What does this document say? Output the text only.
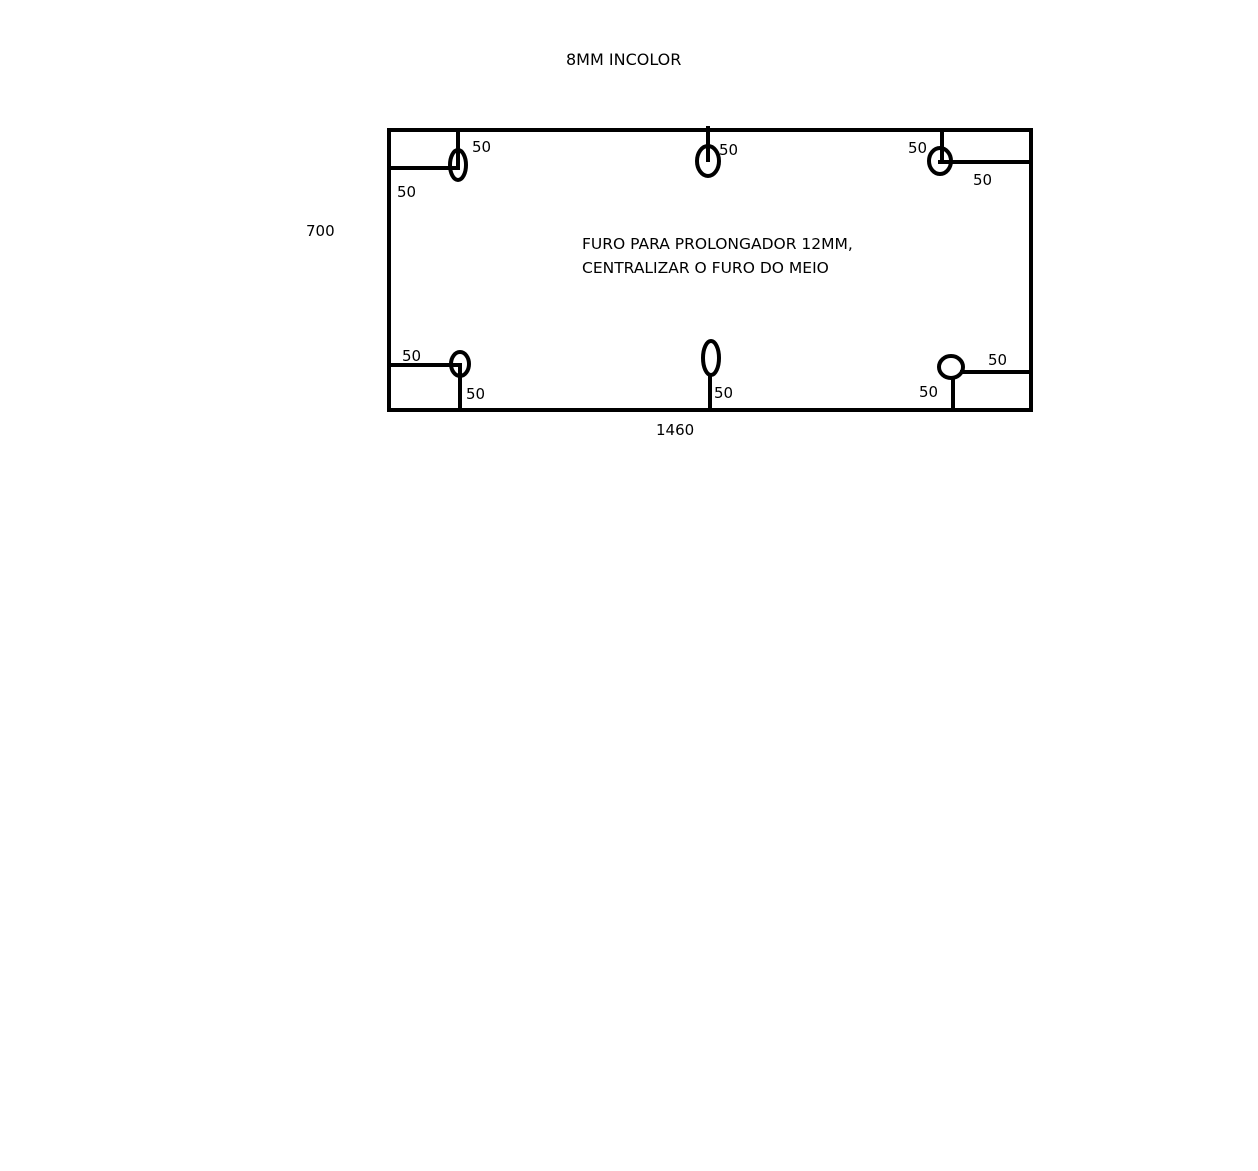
8MM INCOLOR
700
1460
FURO PARA PROLONGADOR 12MM,
CENTRALIZAR O FURO DO MEIO
50
50
50	50
50
50
50	50
50
50
